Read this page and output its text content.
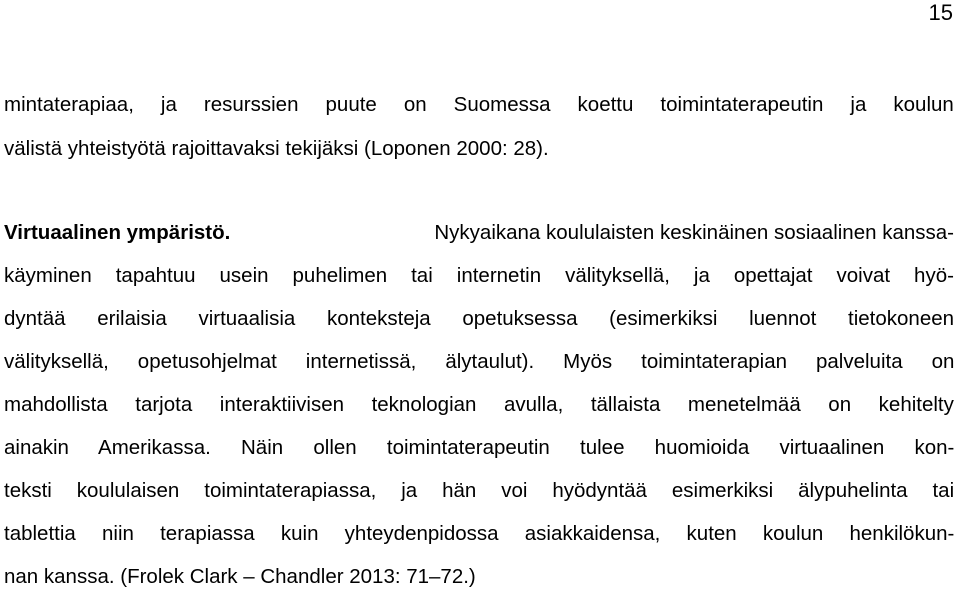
15
mintaterapiaa, ja resurssien puute on Suomessa koettu toimintaterapeutin ja koulun
välistä yhteistyötä rajoittavaksi tekijäksi (Loponen 2000: 28).
Virtuaalinen ympäristö.	Nykyaikana koululaisten keskinäinen sosiaalinen kanssa-
käyminen tapahtuu usein puhelimen tai internetin välityksellä, ja opettajat voivat hyö-
dyntää erilaisia virtuaalisia konteksteja opetuksessa (esimerkiksi luennot tietokoneen
välityksellä, opetusohjelmat internetissä, älytaulut). Myös toimintaterapian palveluita on
mahdollista tarjota interaktiivisen teknologian avulla, tällaista menetelmää on kehitelty
ainakin Amerikassa. Näin ollen toimintaterapeutin tulee huomioida virtuaalinen kon-
teksti koululaisen toimintaterapiassa, ja hän voi hyödyntää esimerkiksi älypuhelinta tai
tablettia niin terapiassa kuin yhteydenpidossa asiakkaidensa, kuten koulun henkilökun-
nan kanssa. (Frolek Clark – Chandler 2013: 71–72.)
